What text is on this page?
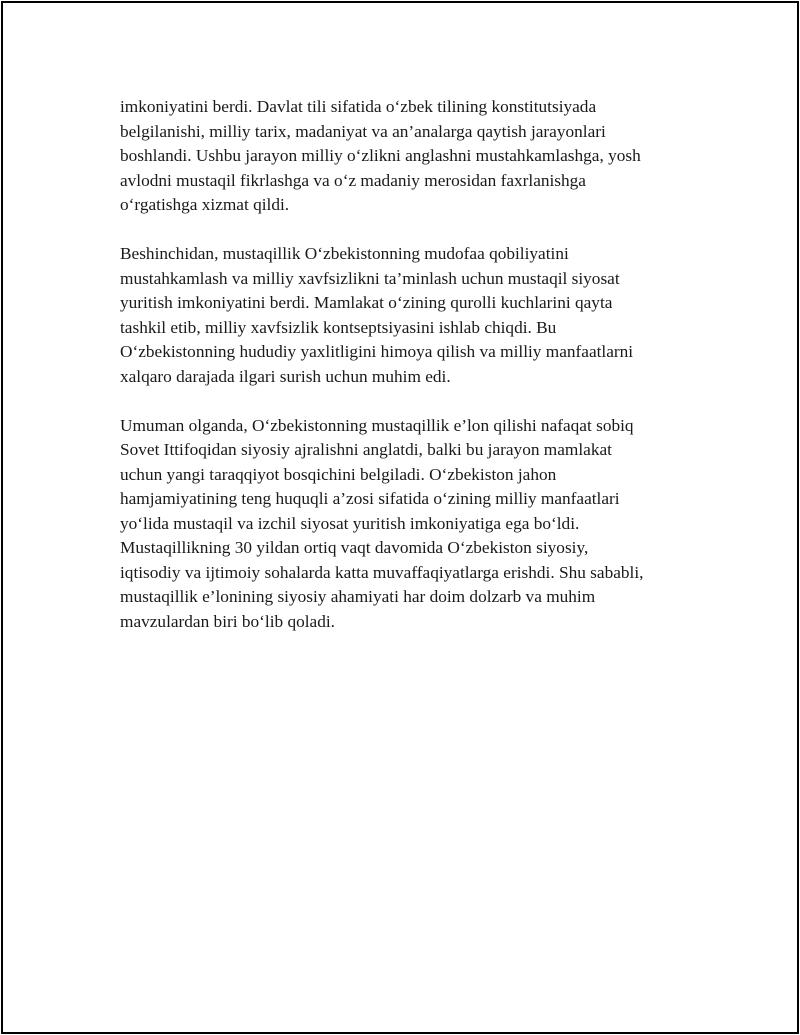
imkoniyatini berdi. Davlat tili sifatida o‘zbek tilining konstitutsiyada
belgilanishi, milliy tarix, madaniyat va an’analarga qaytish jarayonlari
boshlandi. Ushbu jarayon milliy o‘zlikni anglashni mustahkamlashga, yosh
avlodni mustaqil fikrlashga va o‘z madaniy merosidan faxrlanishga
o‘rgatishga xizmat qildi.

Beshinchidan, mustaqillik O‘zbekistonning mudofaa qobiliyatini
mustahkamlash va milliy xavfsizlikni ta’minlash uchun mustaqil siyosat
yuritish imkoniyatini berdi. Mamlakat o‘zining qurolli kuchlarini qayta
tashkil etib, milliy xavfsizlik kontseptsiyasini ishlab chiqdi. Bu
O‘zbekistonning hududiy yaxlitligini himoya qilish va milliy manfaatlarni
xalqaro darajada ilgari surish uchun muhim edi.

Umuman olganda, O‘zbekistonning mustaqillik e’lon qilishi nafaqat sobiq
Sovet Ittifoqidan siyosiy ajralishni anglatdi, balki bu jarayon mamlakat
uchun yangi taraqqiyot bosqichini belgiladi. O‘zbekiston jahon
hamjamiyatining teng huquqli a’zosi sifatida o‘zining milliy manfaatlari
yo‘lida mustaqil va izchil siyosat yuritish imkoniyatiga ega bo‘ldi.
Mustaqillikning 30 yildan ortiq vaqt davomida O‘zbekiston siyosiy,
iqtisodiy va ijtimoiy sohalarda katta muvaffaqiyatlarga erishdi. Shu sababli,
mustaqillik e’lonining siyosiy ahamiyati har doim dolzarb va muhim
mavzulardan biri bo‘lib qoladi.
